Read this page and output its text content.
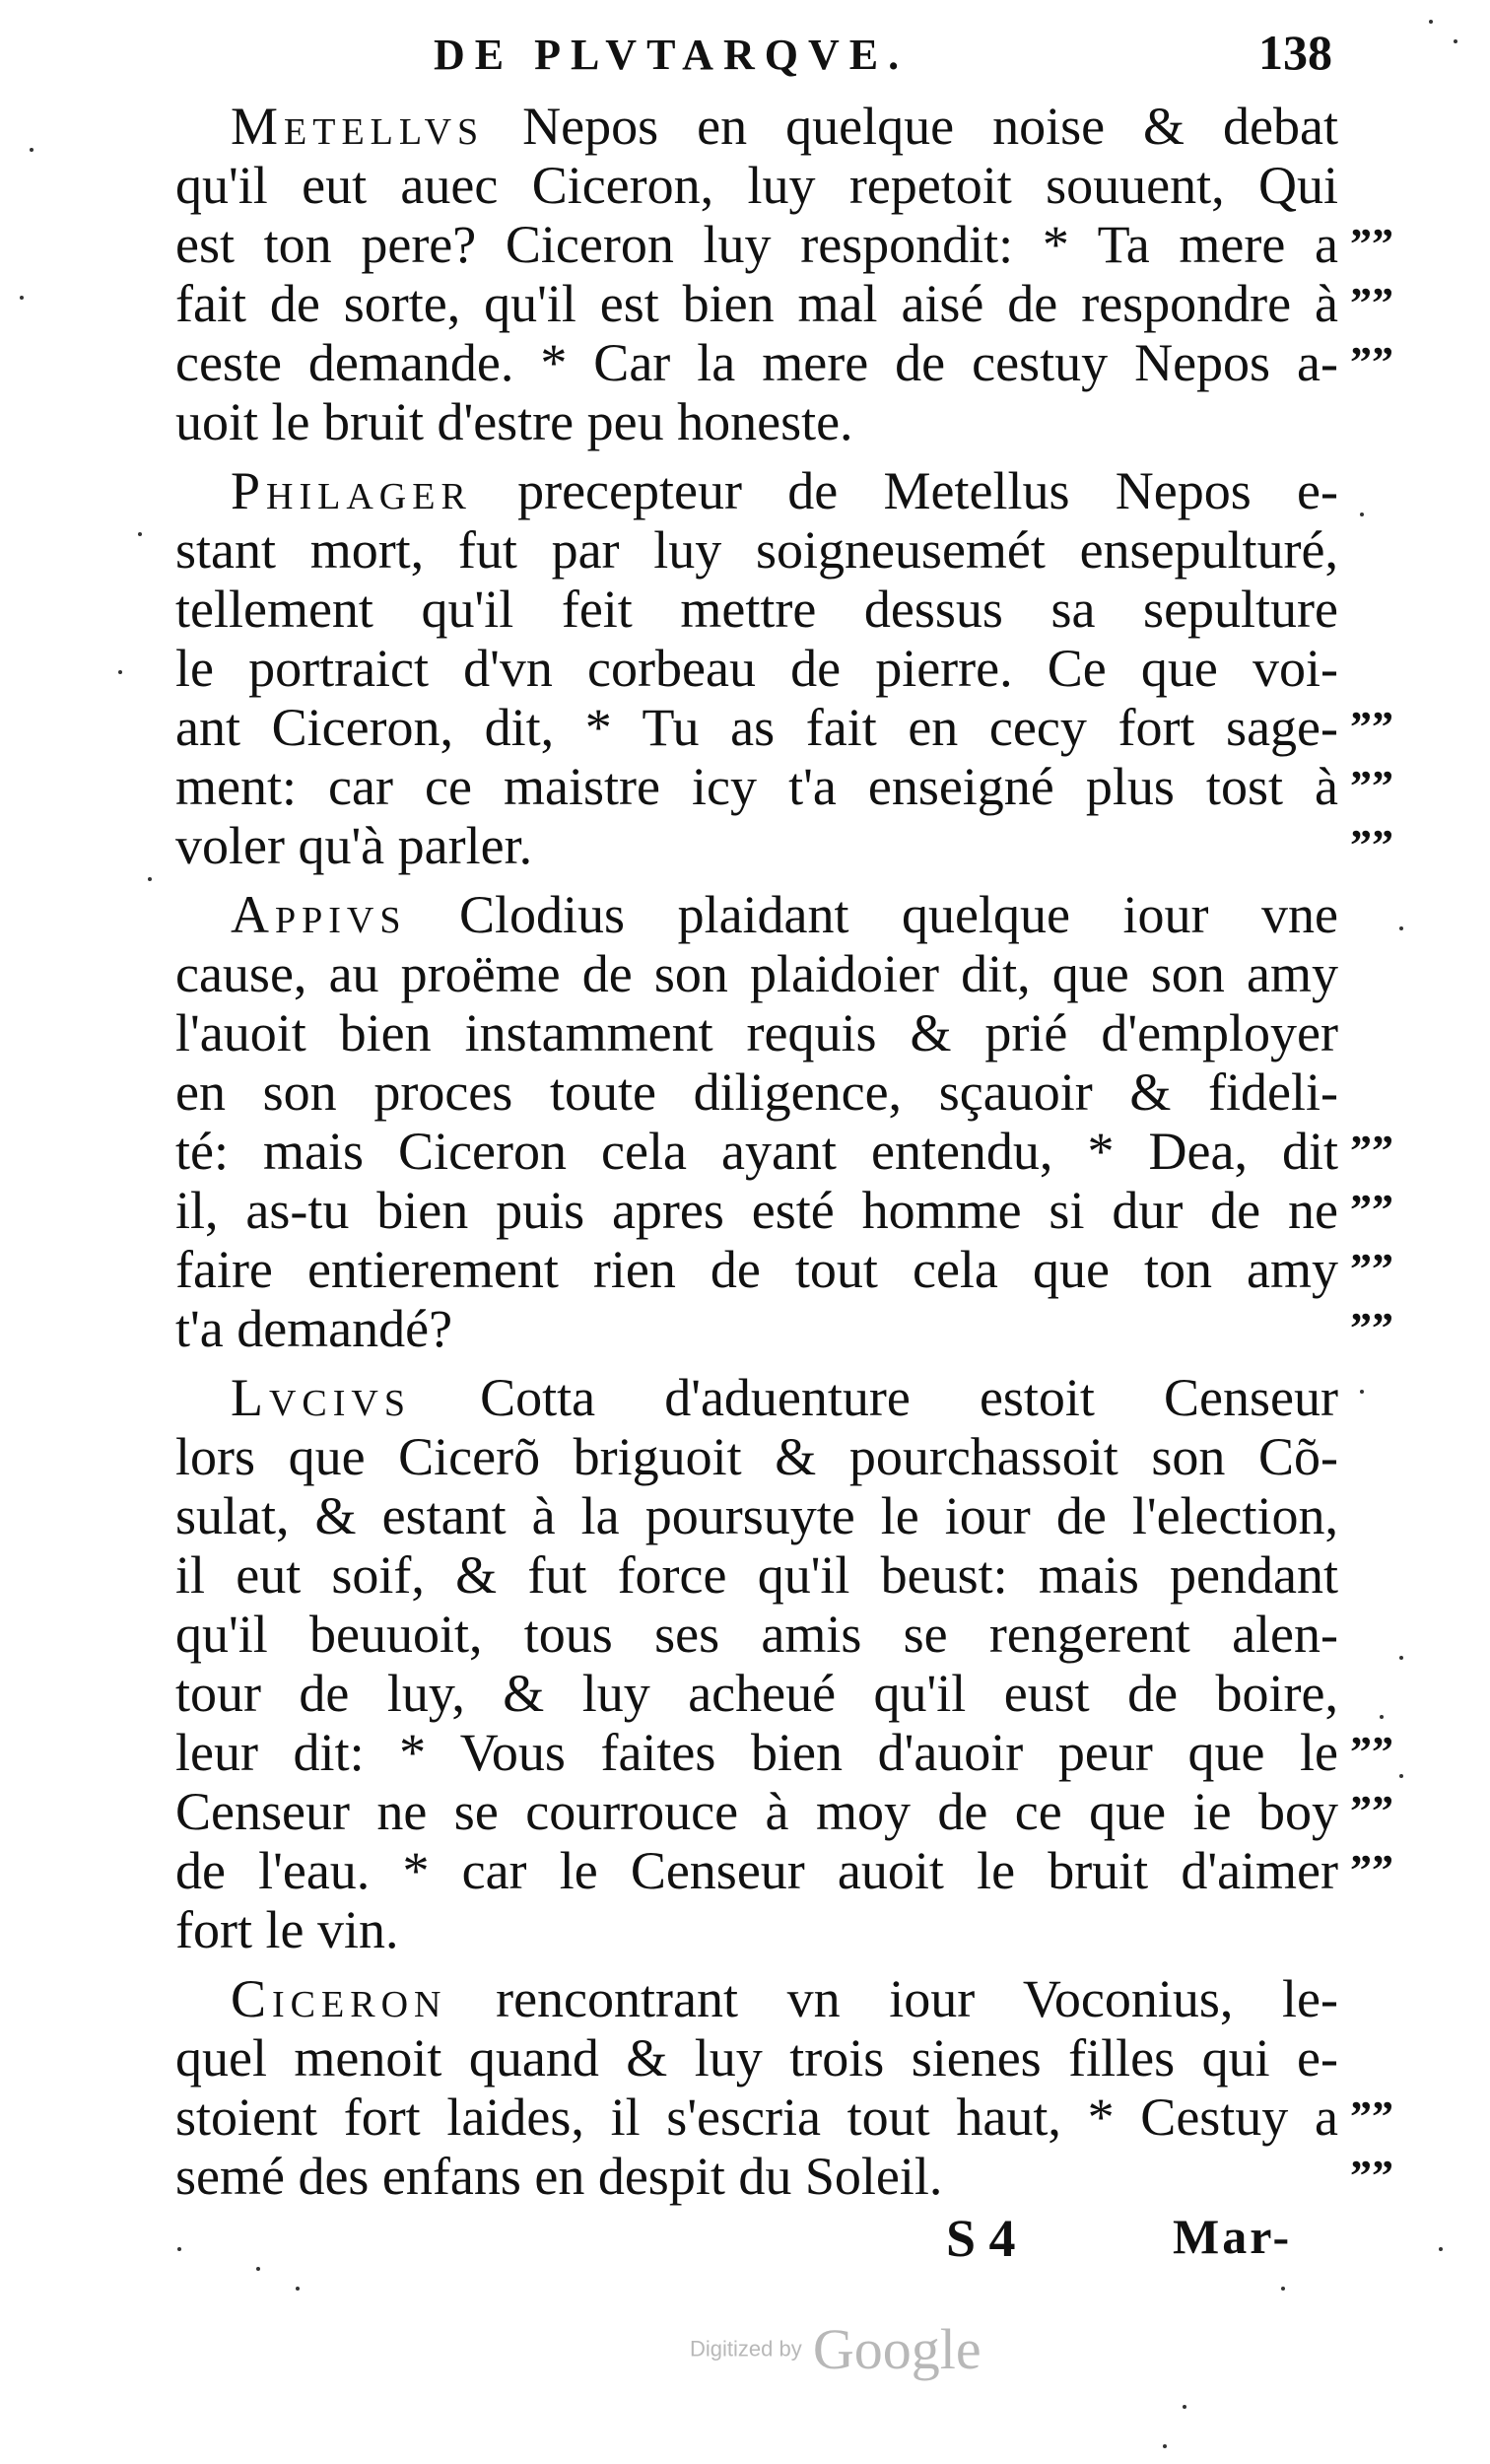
DE PLVTARQVE.	138
Metellvs Nepos en quelque noise & debat
qu'il eut auec Ciceron, luy repetoit souuent, Qui
est ton pere? Ciceron luy respondit: * Ta mere a
fait de sorte, qu'il est bien mal aisé de respondre à
ceste demande. * Car la mere de cestuy Nepos a-
uoit le bruit d'estre peu honeste.
Philager precepteur de Metellus Nepos e-
stant mort, fut par luy soigneusemét ensepulturé,
tellement qu'il feit mettre dessus sa sepulture
le portraict d'vn corbeau de pierre. Ce que voi-
ant Ciceron, dit, * Tu as fait en cecy fort sage-
ment: car ce maistre icy t'a enseigné plus tost à
voler qu'à parler.
Appivs Clodius plaidant quelque iour vne
cause, au proëme de son plaidoier dit, que son amy
l'auoit bien instamment requis & prié d'employer
en son proces toute diligence, sçauoir & fideli-
té: mais Ciceron cela ayant entendu, * Dea, dit
il, as-tu bien puis apres esté homme si dur de ne
faire entierement rien de tout cela que ton amy
t'a demandé?
Lvcivs Cotta d'aduenture estoit Censeur
lors que Cicerõ briguoit & pourchassoit son Cõ-
sulat, & estant à la poursuyte le iour de l'election,
il eut soif, & fut force qu'il beust: mais pendant
qu'il beuuoit, tous ses amis se rengerent alen-
tour de luy, & luy acheué qu'il eust de boire,
leur dit: * Vous faites bien d'auoir peur que le
Censeur ne se courrouce à moy de ce que ie boy
de l'eau. * car le Censeur auoit le bruit d'aimer
fort le vin.
Ciceron rencontrant vn iour Voconius, le-
quel menoit quand & luy trois sienes filles qui e-
stoient fort laides, il s'escria tout haut, * Cestuy a
semé des enfans en despit du Soleil.
””
””
””
””
””
””
””
””
””
””
””
””
””
””
””
S 4	Mar-
Digitized by Google
